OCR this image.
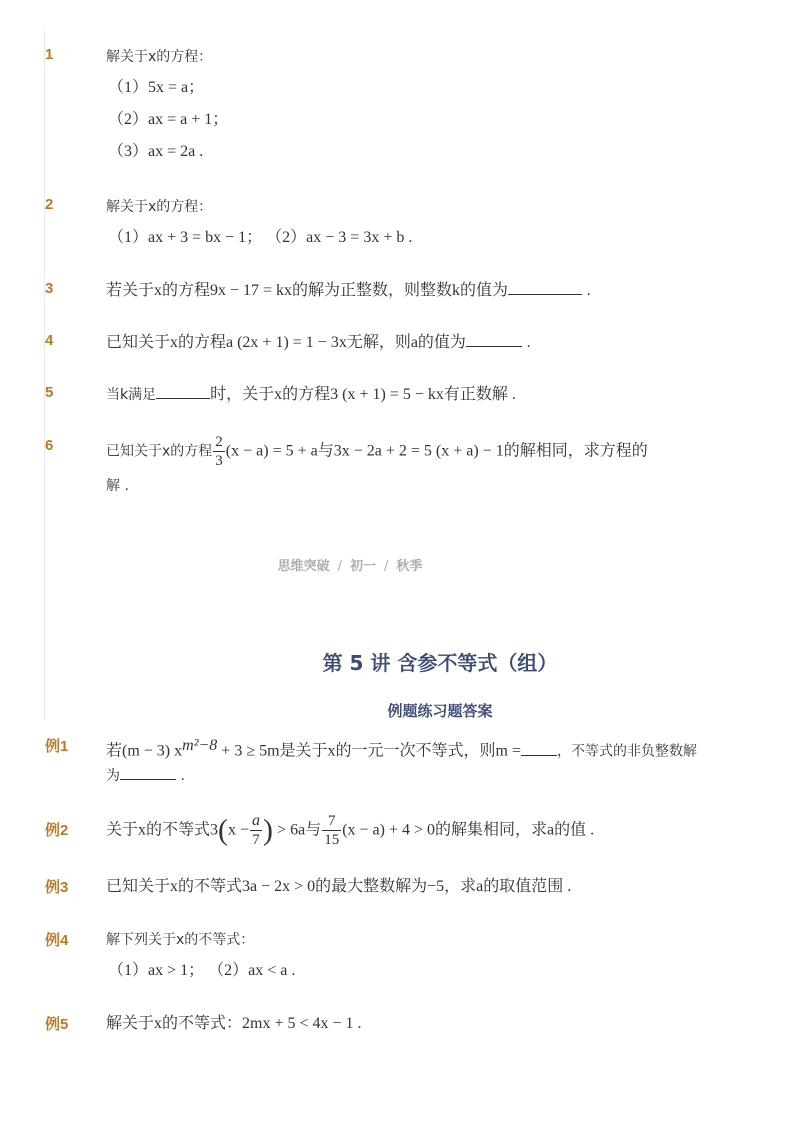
1	解关于x的方程：
（1）5x = a；
（2）ax = a + 1；
（3）ax = 2a .
2	解关于x的方程：
（1）ax + 3 = bx − 1； （2）ax − 3 = 3x + b .
3	若关于x的方程9x − 17 = kx的解为正整数，则整数k的值为	.
4	已知关于x的方程a (2x + 1) = 1 − 3x无解，则a的值为	.
5	当k满足	时，关于x的方程3 (x + 1) = 5 − kx有正数解 .
6	已知关于x的方程 $\frac{2}{3} (x - a) = 5 + a$与3x − 2a + 2 = 5 (x + a) − 1的解相同，求方程的
解 .
思维突破 / 初一 / 秋季
第 5 讲 含参不等式（组）
例题练习题答案
例1 若(m − 3) $x^{m^2-8} + 3 \ge 5m$是关于x的一元一次不等式，则m =	，不等式的非负整数解
为	.
例2 关于x的不等式$3(x - \frac{a}{7}$ ) > 6a与 $\frac{7}{15} (x - a) + 4 > 0$的解集相同，求a的值 .
例3 已知关于x的不等式3a − 2x > 0的最大整数解为−5，求a的取值范围 .
例4	解下列关于x的不等式：
（1）ax > 1； （2）ax < a .
例5 解关于x的不等式：2mx + 5 < 4x − 1 .
